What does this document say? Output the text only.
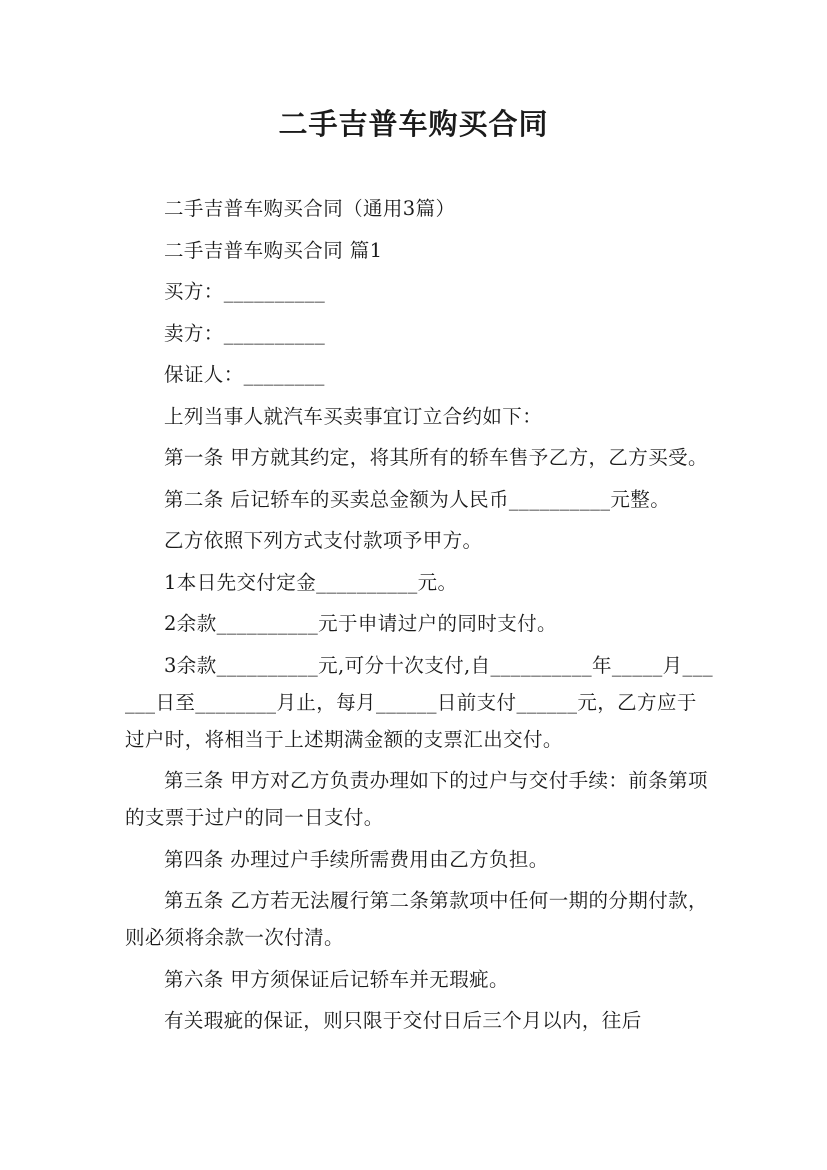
二手吉普车购买合同

二手吉普车购买合同（通用3篇）

二手吉普车购买合同 篇1

买方：__________

卖方：__________

保证人：________

上列当事人就汽车买卖事宜订立合约如下：

第一条 甲方就其约定，将其所有的轿车售予乙方，乙方买受。

第二条 后记轿车的买卖总金额为人民币__________元整。

乙方依照下列方式支付款项予甲方。

1本日先交付定金__________元。

2余款__________元于申请过户的同时支付。

3余款__________元,可分十次支付,自__________年_____月______日至________月止，每月______日前支付______元，乙方应于过户时，将相当于上述期满金额的支票汇出交付。

第三条 甲方对乙方负责办理如下的过户与交付手续：前条第项的支票于过户的同一日支付。

第四条 办理过户手续所需费用由乙方负担。

第五条 乙方若无法履行第二条第款项中任何一期的分期付款，则必须将余款一次付清。

第六条 甲方须保证后记轿车并无瑕疵。

有关瑕疵的保证，则只限于交付日后三个月以内，往后
